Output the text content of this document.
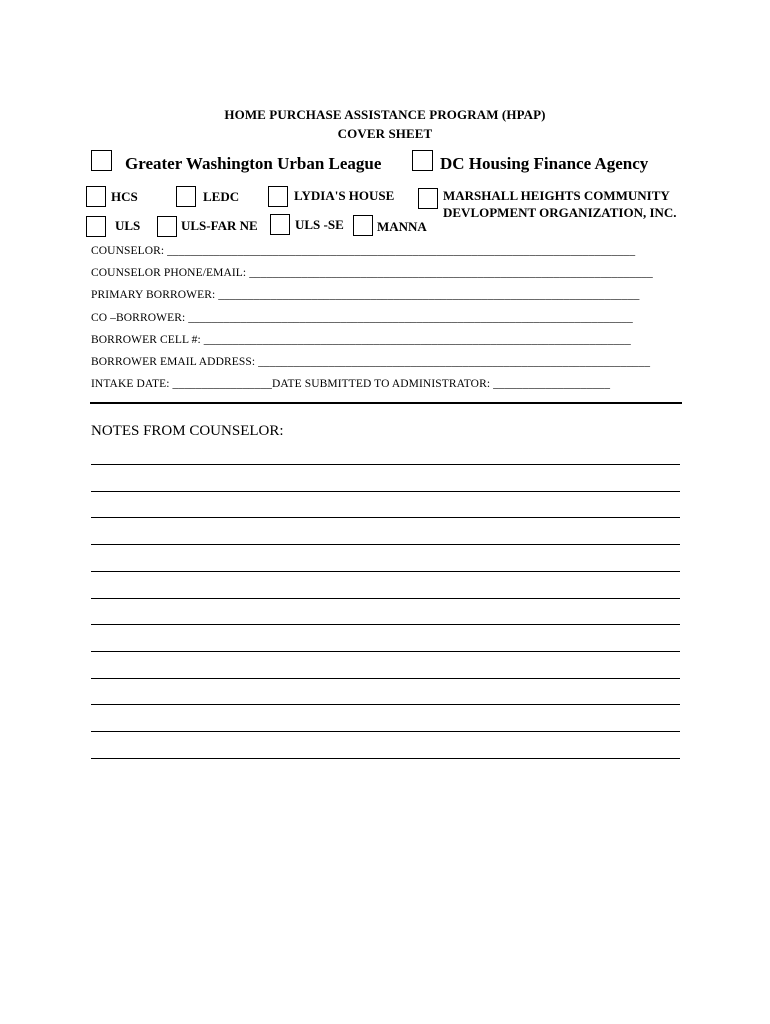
HOME PURCHASE ASSISTANCE PROGRAM (HPAP)
COVER SHEET
Greater Washington Urban League	DC Housing Finance Agency
HCS	LEDC	LYDIA'S HOUSE	MARSHALL HEIGHTS COMMUNITY
DEVLOPMENT ORGANIZATION, INC.
ULS	ULS-FAR NE	ULS -SE	MANNA
COUNSELOR: ________________________________________________________________________________
COUNSELOR PHONE/EMAIL: _____________________________________________________________________
PRIMARY BORROWER: ________________________________________________________________________
CO –BORROWER: ____________________________________________________________________________
BORROWER CELL #: _________________________________________________________________________
BORROWER EMAIL ADDRESS: ___________________________________________________________________
INTAKE DATE: _________________DATE SUBMITTED TO ADMINISTRATOR: ____________________
NOTES FROM COUNSELOR:
